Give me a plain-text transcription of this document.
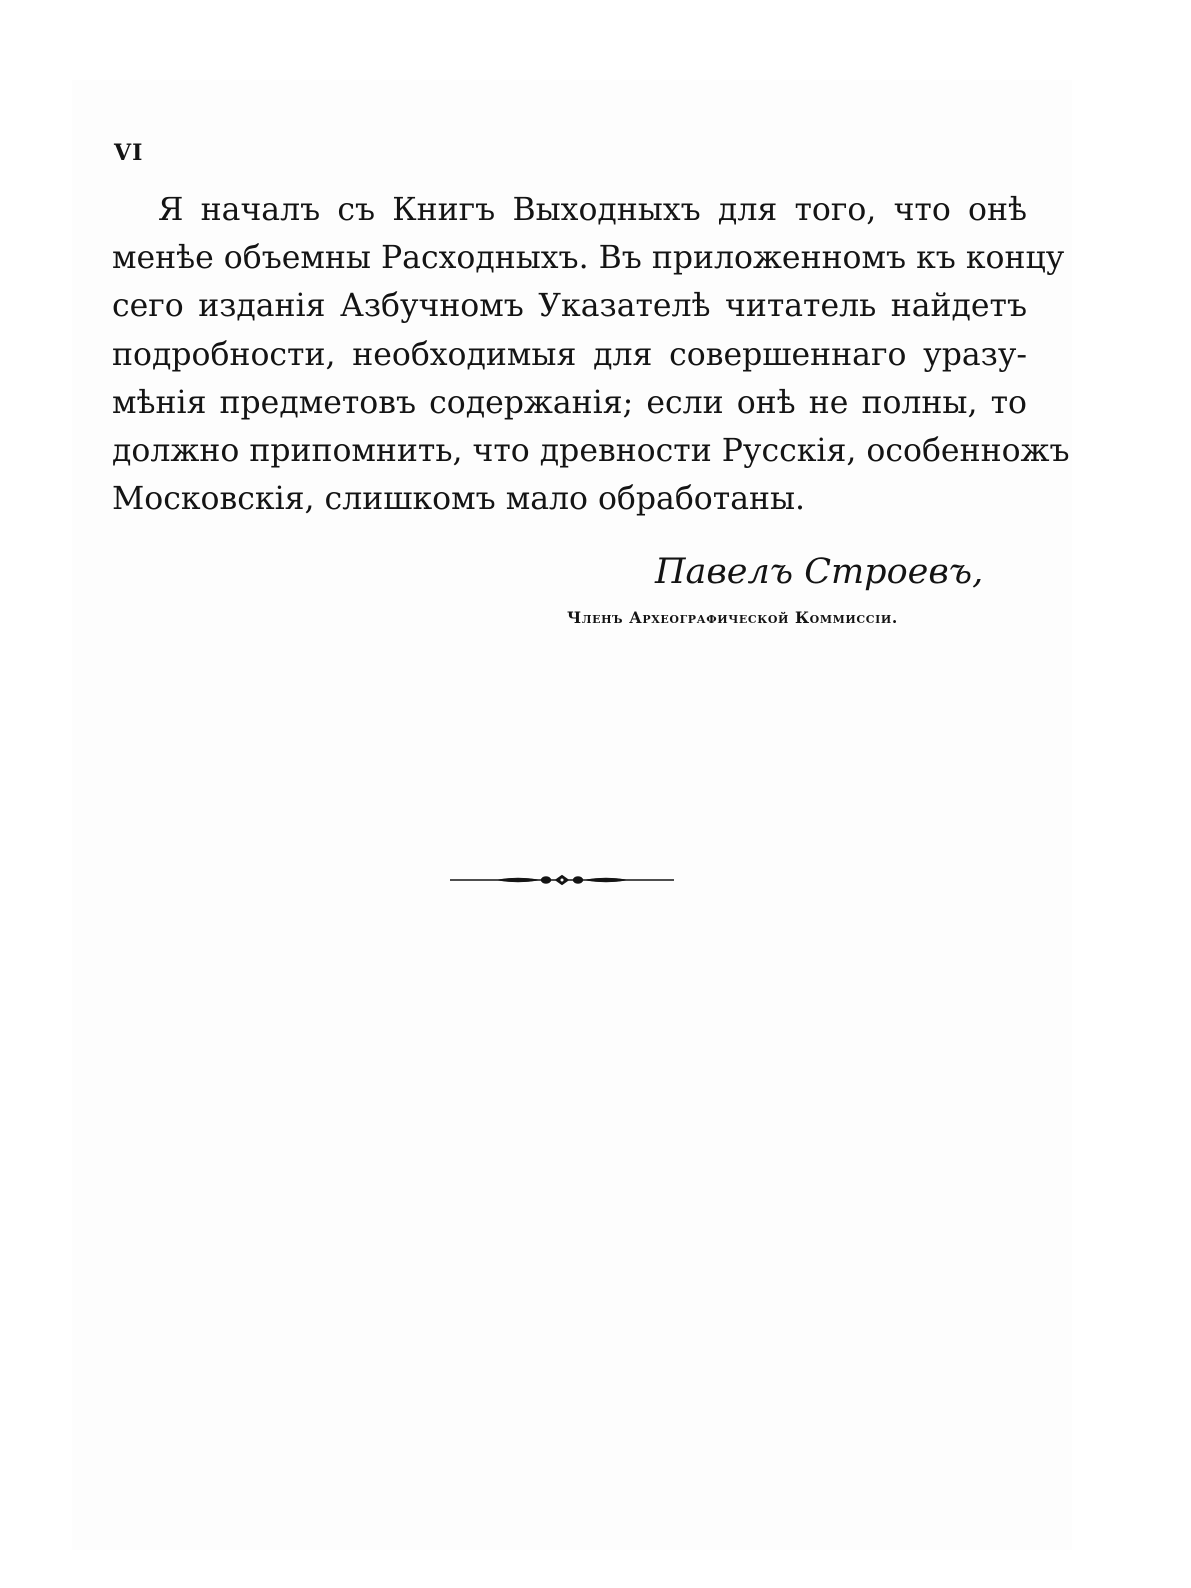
VI
Я началъ съ Книгъ Выходныхъ для того, что онѣ
менѣе объемны Расходныхъ. Въ приложенномъ къ концу
сего изданія Азбучномъ Указателѣ читатель найдетъ
подробности, необходимыя для совершеннаго уразу-
мѣнія предметовъ содержанія; если онѣ не полны, то
должно припомнить, что древности Русскія, особенножъ
Московскія, слишкомъ мало обработаны.
Павелъ Строевъ,
Членъ Археографической Коммиссіи.
